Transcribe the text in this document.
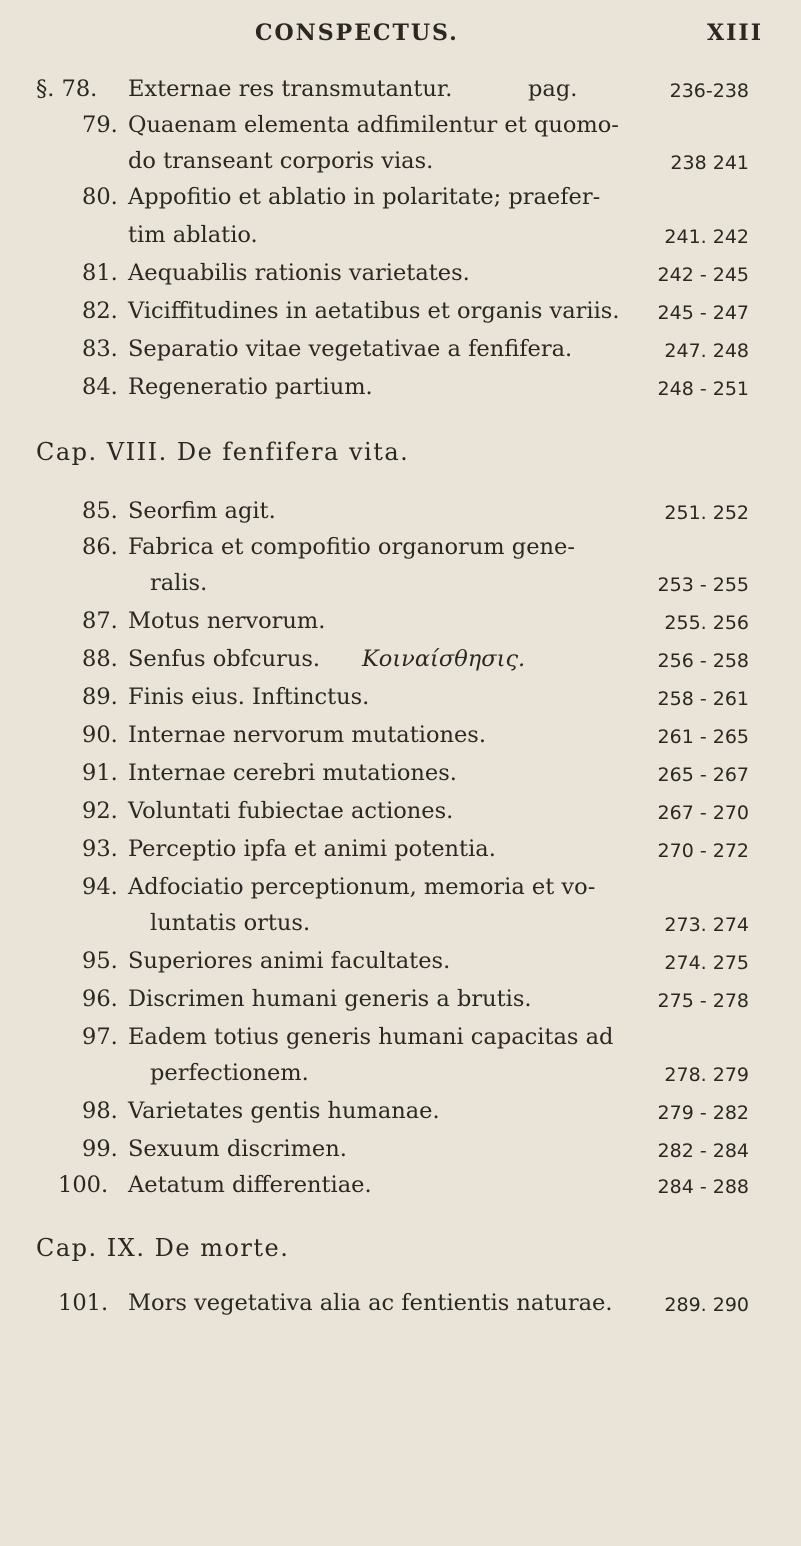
CONSPECTUS.	XIII
§. 78. Externae res transmutantur.	pag.	236-238
79. Quaenam elementa adfimilentur et quomo-
do transeant corporis vias.	238 241
80. Appofitio et ablatio in polaritate; praefer-
tim ablatio.	241. 242
81. Aequabilis rationis varietates.	242 - 245
82. Viciffitudines in aetatibus et organis variis. 245 - 247
83. Separatio vitae vegetativae a fenfifera.	247. 248
84. Regeneratio partium.	248 - 251
Cap. VIII. De fenfifera vita.
85. Seorfim agit.	251. 252
86. Fabrica et compofitio organorum gene-
ralis.	253 - 255
87. Motus nervorum.	255. 256
88. Senfus obfcurus. Κοιναίσθησις.	256 - 258
89. Finis eius. Inftinctus.	258 - 261
90. Internae nervorum mutationes.	261 - 265
91. Internae cerebri mutationes.	265 - 267
92. Voluntati fubiectae actiones.	267 - 270
93. Perceptio ipfa et animi potentia.	270 - 272
94. Adfociatio perceptionum, memoria et vo-
luntatis ortus.	273. 274
95. Superiores animi facultates.	274. 275
96. Discrimen humani generis a brutis.	275 - 278
97. Eadem totius generis humani capacitas ad
perfectionem.	278. 279
98. Varietates gentis humanae.	279 - 282
99. Sexuum discrimen.	282 - 284
100. Aetatum differentiae.	284 - 288
Cap. IX. De morte.
101. Mors vegetativa alia ac fentientis naturae.	289. 290
